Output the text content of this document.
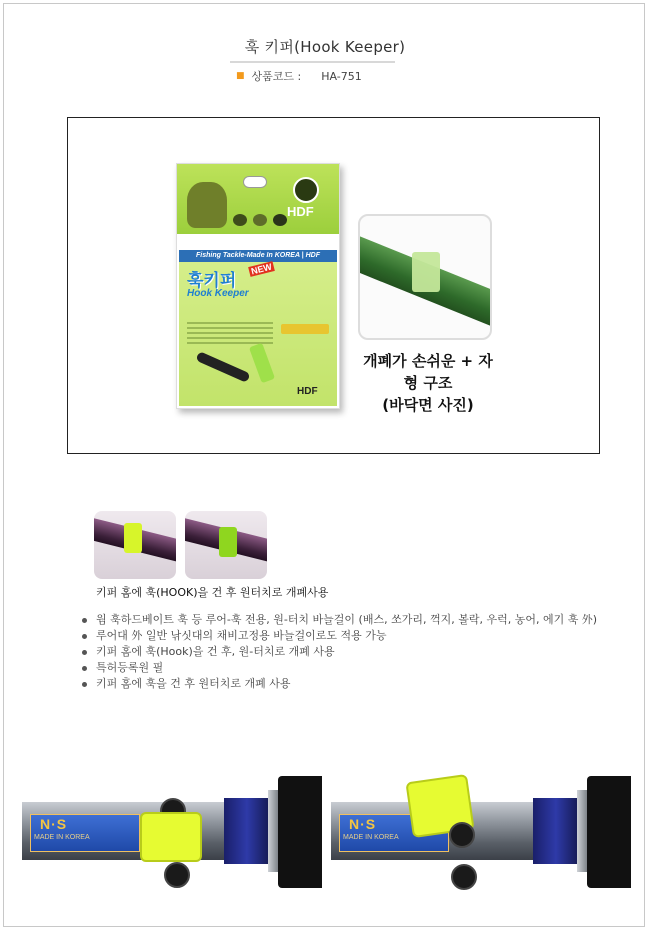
훅 키퍼(Hook Keeper)
■ 상품코드 : HA-751
HDF
Fishing Tackle-Made In KOREA | HDF
훅키퍼
NEW
Hook Keeper
HDF
개폐가 손쉬운 + 자형 구조
(바닥면 사진)
키퍼 홈에 훅(HOOK)을 건 후 원터치로 개폐사용
웜 훅하드베이트 훅 등 루어-훅 전용, 원-터치 바늘걸이 (배스, 쏘가리, 꺽지, 볼락, 우럭, 농어, 에기 훅 外)
루어대 外 일반 낚싯대의 채비고정용 바늘걸이로도 적용 가능
키퍼 홈에 훅(Hook)을 건 후, 원-터치로 개폐 사용
특허등록원 필
키퍼 홈에 훅을 건 후 원터치로 개폐 사용
N·S
MADE IN KOREA
N·S
MADE IN KOREA
